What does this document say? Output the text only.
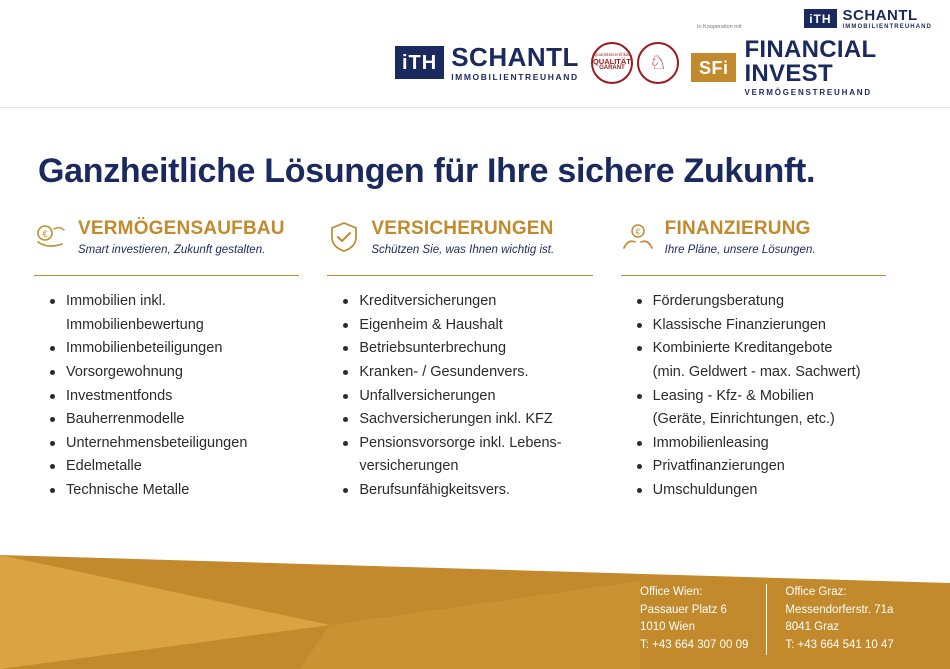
iTH SCHANTL
IMMOBILIENTREUHAND
iTH SCHANTL
IMMOBILIENTREUHAND
Qualitätszertifikat
QUALITÄT
GARANT ♘
In Kooperation mit
SFi
FINANCIAL INVEST
VERMÖGENSTREUHAND
Ganzheitliche Lösungen für Ihre sichere Zukunft.
€ VERMÖGENSAUFBAU
Smart investieren, Zukunft gestalten.
Immobilien inkl.
Immobilienbewertung
Immobilienbeteiligungen
Vorsorgewohnung
Investmentfonds
Bauherrenmodelle
Unternehmensbeteiligungen
Edelmetalle
Technische Metalle
VERSICHERUNGEN
Schützen Sie, was Ihnen wichtig ist.
Kreditversicherungen
Eigenheim & Haushalt
Betriebsunterbrechung
Kranken- / Gesundenvers.
Unfallversicherungen
Sachversicherungen inkl. KFZ
Pensionsvorsorge inkl. Lebens-
versicherungen
Berufsunfähigkeitsvers.
€ FINANZIERUNG
Ihre Pläne, unsere Lösungen.
Förderungsberatung
Klassische Finanzierungen
Kombinierte Kreditangebote
(min. Geldwert - max. Sachwert)
Leasing - Kfz- & Mobilien
(Geräte, Einrichtungen, etc.)
Immobilienleasing
Privatfinanzierungen
Umschuldungen
Office Wien:
Passauer Platz 6
1010 Wien
T: +43 664 307 00 09
Office Graz:
Messendorferstr. 71a
8041 Graz
T: +43 664 541 10 47
